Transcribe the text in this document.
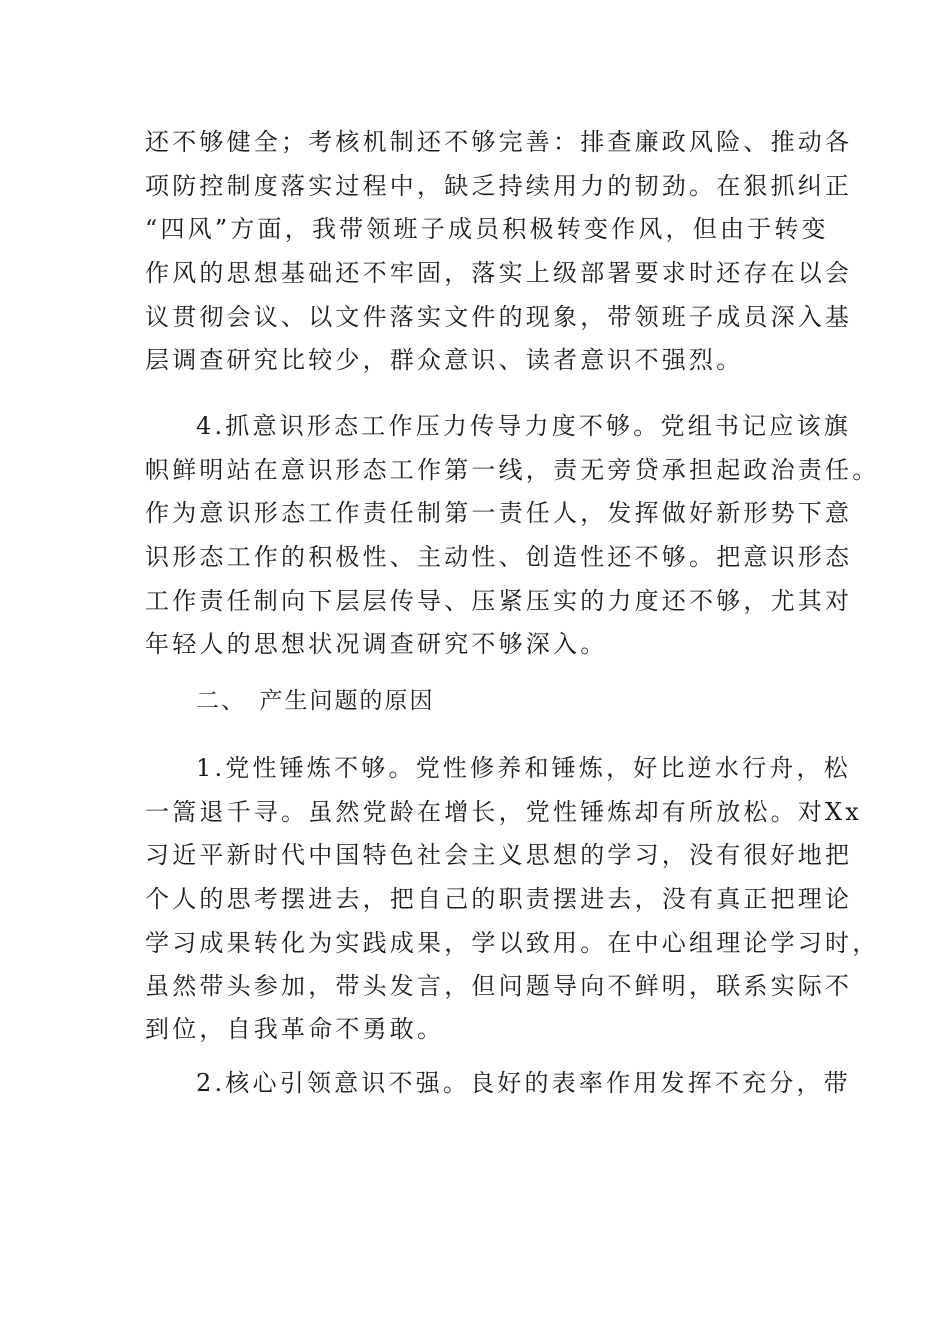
还不够健全；考核机制还不够完善：排查廉政风险、推动各

项防控制度落实过程中，缺乏持续用力的韧劲。在狠抓纠正

“四风”方面，我带领班子成员积极转变作风，但由于转变

作风的思想基础还不牢固，落实上级部署要求时还存在以会

议贯彻会议、以文件落实文件的现象，带领班子成员深入基

层调查研究比较少，群众意识、读者意识不强烈。

4.抓意识形态工作压力传导力度不够。党组书记应该旗

帜鲜明站在意识形态工作第一线，责无旁贷承担起政治责任。

作为意识形态工作责任制第一责任人，发挥做好新形势下意

识形态工作的积极性、主动性、创造性还不够。把意识形态

工作责任制向下层层传导、压紧压实的力度还不够，尤其对

年轻人的思想状况调查研究不够深入。

二、　产生问题的原因

1.党性锤炼不够。党性修养和锤炼，好比逆水行舟，松

一篙退千寻。虽然党龄在增长，党性锤炼却有所放松。对Xx

习近平新时代中国特色社会主义思想的学习，没有很好地把

个人的思考摆进去，把自己的职责摆进去，没有真正把理论

学习成果转化为实践成果，学以致用。在中心组理论学习时，

虽然带头参加，带头发言，但问题导向不鲜明，联系实际不

到位，自我革命不勇敢。

2.核心引领意识不强。良好的表率作用发挥不充分，带
